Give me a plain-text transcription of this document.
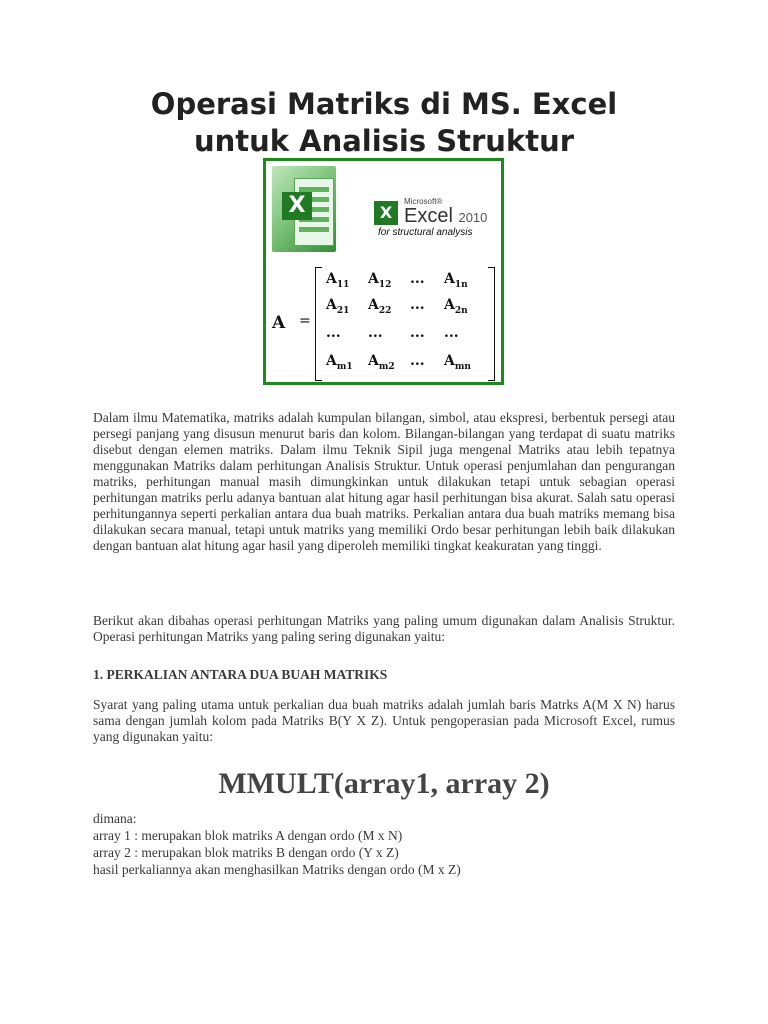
Operasi Matriks di MS. Excel
untuk Analisis Struktur
X	X
Microsoft®
Excel 2010
for structural analysis
A =
$A_{11}$ $A_{12}$ ... $A_{1n}$
$A_{21}$ $A_{22}$ ... $A_{2n}$
... ... ... ...
$A_{m1}$ $A_{m2}$ ... $A_{mn}$

Dalam ilmu Matematika, matriks adalah kumpulan bilangan, simbol, atau ekspresi, berbentuk persegi atau persegi panjang yang disusun menurut baris dan kolom. Bilangan-bilangan yang terdapat di suatu matriks disebut dengan elemen matriks. Dalam ilmu Teknik Sipil juga mengenal Matriks atau lebih tepatnya menggunakan Matriks dalam perhitungan Analisis Struktur. Untuk operasi penjumlahan dan pengurangan matriks, perhitungan manual masih dimungkinkan untuk dilakukan tetapi untuk sebagian operasi perhitungan matriks perlu adanya bantuan alat hitung agar hasil perhitungan bisa akurat. Salah satu operasi perhitungannya seperti perkalian antara dua buah matriks. Perkalian antara dua buah matriks memang bisa dilakukan secara manual, tetapi untuk matriks yang memiliki Ordo besar perhitungan lebih baik dilakukan dengan bantuan alat hitung agar hasil yang diperoleh memiliki tingkat keakuratan yang tinggi.

Berikut akan dibahas operasi perhitungan Matriks yang paling umum digunakan dalam Analisis Struktur. Operasi perhitungan Matriks yang paling sering digunakan yaitu:

1. PERKALIAN ANTARA DUA BUAH MATRIKS

Syarat yang paling utama untuk perkalian dua buah matriks adalah jumlah baris Matrks A(M X N) harus sama dengan jumlah kolom pada Matriks B(Y X Z). Untuk pengoperasian pada Microsoft Excel, rumus yang digunakan yaitu:

MMULT(array1, array 2)

dimana:

array 1 : merupakan blok matriks A dengan ordo (M x N)

array 2 : merupakan blok matriks B dengan ordo (Y x Z)

hasil perkaliannya akan menghasilkan Matriks dengan ordo (M x Z)
